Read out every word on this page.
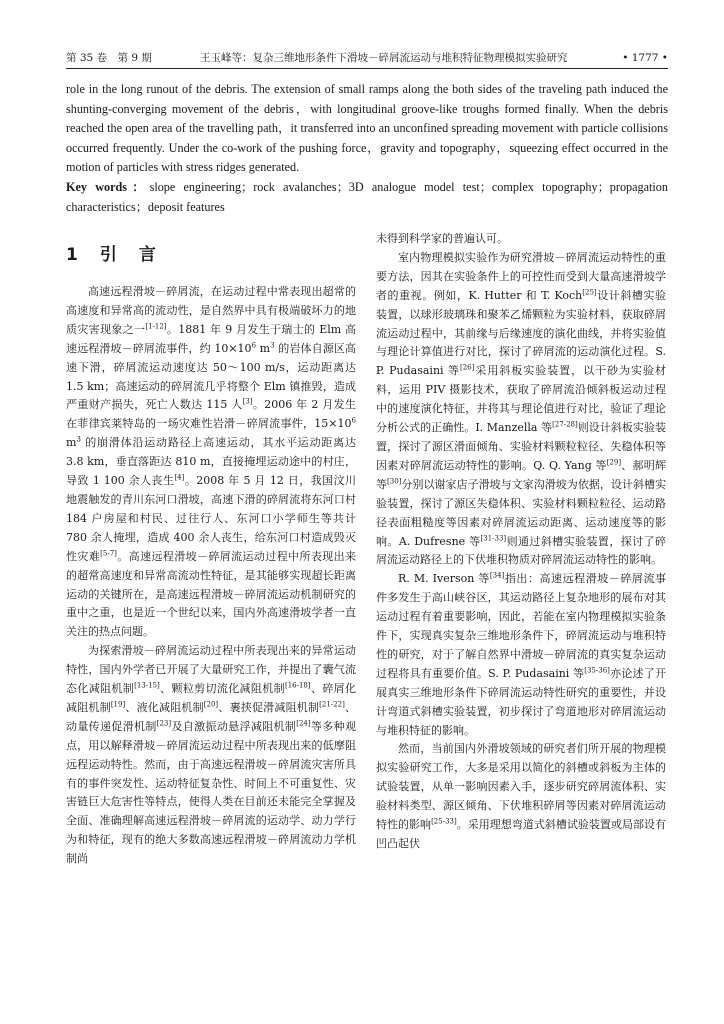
第 35 卷　第 9 期	王玉峰等：复杂三维地形条件下滑坡－碎屑流运动与堆积特征物理模拟实验研究	• 1777 •

role in the long runout of the debris. The extension of small ramps along the both sides of the traveling path induced the shunting-converging movement of the debris，with longitudinal groove-like troughs formed finally. When the debris reached the open area of the travelling path，it transferred into an unconfined spreading movement with particle collisions occurred frequently. Under the co-work of the pushing force，gravity and topography，squeezing effect occurred in the motion of particles with stress ridges generated.

Key words：slope engineering；rock avalanches；3D analogue model test；complex topography；propagation characteristics；deposit features

1 引 言

高速远程滑坡－碎屑流，在运动过程中常表现出超常的高速度和异常高的流动性，是自然界中具有极端破坏力的地质灾害现象之一[1-12]。1881 年 9 月发生于瑞士的 Elm 高速远程滑坡－碎屑流事件，约 $10\times 10^6$ $m^3$ 的岩体自源区高速下滑，碎屑流运动速度达 50～100 m/s，运动距离达 1.5 km；高速运动的碎屑流几乎将整个 Elm 镇推毁，造成严重财产损失，死亡人数达 115 人[3]。2006 年 2 月发生在菲律宾莱特岛的一场灾难性岩滑－碎屑流事件，$15\times 10^6$ $m^3$ 的崩滑体沿运动路径上高速运动，其水平运动距离达 3.8 km，垂直落距达 810 m，直接掩埋运动途中的村庄，导致 1 100 余人丧生[4]。2008 年 5 月 12 日，我国汶川地震触发的青川东河口滑坡，高速下滑的碎屑流将东河口村 184 户房屋和村民、过往行人、东河口小学师生等共计 780 余人掩埋，造成 400 余人丧生，给东河口村造成毁灭性灾难[5-7]。高速远程滑坡－碎屑流运动过程中所表现出来的超常高速度和异常高流动性特征，是其能够实现超长距离运动的关键所在，是高速远程滑坡－碎屑流运动机制研究的重中之重，也是近一个世纪以来，国内外高速滑坡学者一直关注的热点问题。

为探索滑坡－碎屑流运动过程中所表现出来的异常运动特性，国内外学者已开展了大量研究工作，并提出了囊气流态化减阻机制[13-15]、颗粒剪切流化减阻机制[16-18]、碎屑化减阻机制[19]、液化减阻机制[20]、裹挟促滑减阻机制[21-22]、动量传递促滑机制[23]及自激振动悬浮减阻机制[24]等多种观点，用以解释滑坡－碎屑流运动过程中所表现出来的低摩阻远程运动特性。然而，由于高速远程滑坡－碎屑流灾害所具有的事件突发性、运动特征复杂性、时间上不可重复性、灾害链巨大危害性等特点，使得人类在目前还未能完全掌握及全面、准确理解高速远程滑坡－碎屑流的运动学、动力学行为和特征，现有的绝大多数高速远程滑坡－碎屑流动力学机制尚

未得到科学家的普遍认可。

室内物理模拟实验作为研究滑坡－碎屑流运动特性的重要方法，因其在实验条件上的可控性而受到大量高速滑坡学者的重视。例如，K. Hutter 和 T. Koch[25]设计斜槽实验装置，以球形玻璃珠和聚苯乙烯颗粒为实验材料，获取碎屑流运动过程中，其前缘与后缘速度的演化曲线，并将实验值与理论计算值进行对比，探讨了碎屑流的运动演化过程。S. P. Pudasaini 等[26]采用斜板实验装置，以干砂为实验材料，运用 PIV 摄影技术，获取了碎屑流沿倾斜板运动过程中的速度演化特征，并将其与理论值进行对比，验证了理论分析公式的正确性。I. Manzella 等[27-28]则设计斜板实验装置，探讨了源区滑面倾角、实验材料颗粒粒径、失稳体积等因素对碎屑流运动特性的影响。Q. Q. Yang 等[29]、郝明辉等[30]分别以谢家店子滑坡与文家沟滑坡为依据，设计斜槽实验装置，探讨了源区失稳体积、实验材料颗粒粒径、运动路径表面粗糙度等因素对碎屑流运动距离、运动速度等的影响。A. Dufresne 等[31-33]则通过斜槽实验装置，探讨了碎屑流运动路径上的下伏堆积物质对碎屑流运动特性的影响。

R. M. Iverson 等[34]指出：高速远程滑坡－碎屑流事件多发生于高山峡谷区，其运动路径上复杂地形的展布对其运动过程有着重要影响，因此，若能在室内物理模拟实验条件下，实现真实复杂三维地形条件下，碎屑流运动与堆积特性的研究，对于了解自然界中滑坡－碎屑流的真实复杂运动过程将具有重要价值。S. P. Pudasaini 等[35-36]亦论述了开展真实三维地形条件下碎屑流运动特性研究的重要性，并设计弯道式斜槽实验装置，初步探讨了弯道地形对碎屑流运动与堆积特征的影响。

然而，当前国内外滑坡领域的研究者们所开展的物理模拟实验研究工作，大多是采用以简化的斜槽或斜板为主体的试验装置，从单一影响因素入手，逐步研究碎屑流体积、实验材料类型、源区倾角、下伏堆积碎屑等因素对碎屑流运动特性的影响[25-33]。采用理想弯道式斜槽试验装置或局部设有凹凸起伏
